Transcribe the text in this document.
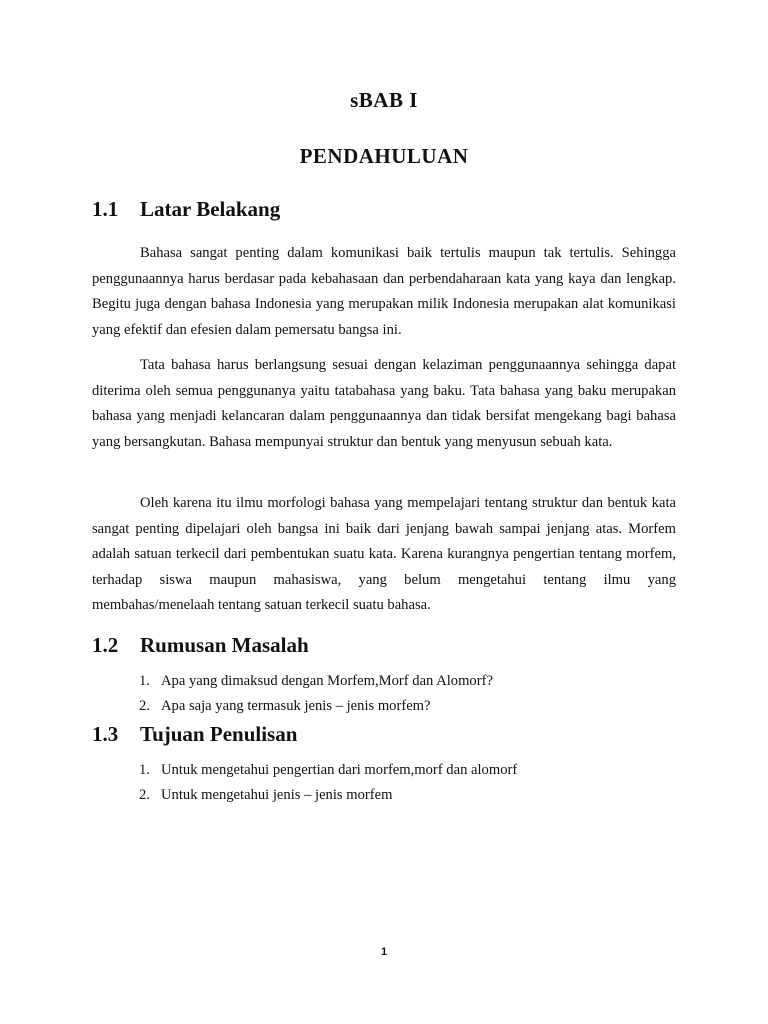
sBAB I
PENDAHULUAN
1.1 Latar Belakang

Bahasa sangat penting dalam komunikasi baik tertulis maupun tak tertulis. Sehingga penggunaannya harus berdasar pada kebahasaan dan perbendaharaan kata yang kaya dan lengkap. Begitu juga dengan bahasa Indonesia yang merupakan milik Indonesia merupakan alat komunikasi yang efektif dan efesien dalam pemersatu bangsa ini.

Tata bahasa harus berlangsung sesuai dengan kelaziman penggunaannya sehingga dapat diterima oleh semua penggunanya yaitu tatabahasa yang baku. Tata bahasa yang baku merupakan bahasa yang menjadi kelancaran dalam penggunaannya dan tidak bersifat mengekang bagi bahasa yang bersangkutan. Bahasa mempunyai struktur dan bentuk yang menyusun sebuah kata.

Oleh karena itu ilmu morfologi bahasa yang mempelajari tentang struktur dan bentuk kata sangat penting dipelajari oleh bangsa ini baik dari jenjang bawah sampai jenjang atas. Morfem adalah satuan terkecil dari pembentukan suatu kata. Karena kurangnya pengertian tentang morfem, terhadap siswa maupun mahasiswa, yang belum mengetahui tentang ilmu yang membahas/menelaah tentang satuan terkecil suatu bahasa.

1.2 Rumusan Masalah
1. Apa yang dimaksud dengan Morfem,Morf dan Alomorf?
2. Apa saja yang termasuk jenis – jenis morfem?
1.3 Tujuan Penulisan
1. Untuk mengetahui pengertian dari morfem,morf dan alomorf
2. Untuk mengetahui jenis – jenis morfem
1
